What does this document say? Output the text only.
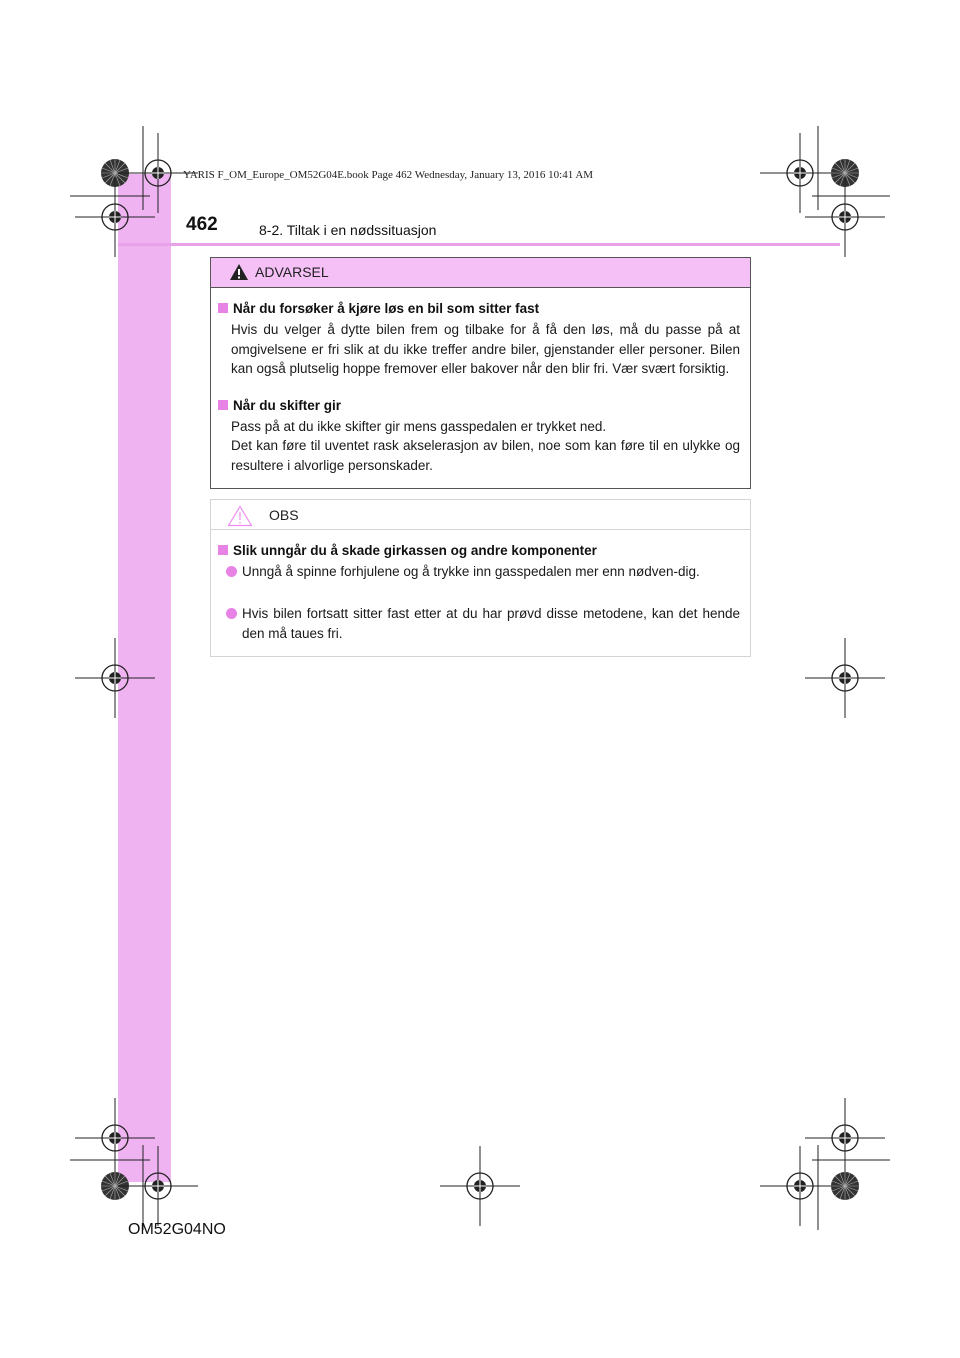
YARIS F_OM_Europe_OM52G04E.book Page 462 Wednesday, January 13, 2016 10:41 AM
462	8-2. Tiltak i en nødssituasjon
ADVARSEL
Når du forsøker å kjøre løs en bil som sitter fast
Hvis du velger å dytte bilen frem og tilbake for å få den løs, må du passe på at omgivelsene er fri slik at du ikke treffer andre biler, gjenstander eller personer. Bilen kan også plutselig hoppe fremover eller bakover når den blir fri. Vær svært forsiktig.
Når du skifter gir
Pass på at du ikke skifter gir mens gasspedalen er trykket ned.
Det kan føre til uventet rask akselerasjon av bilen, noe som kan føre til en ulykke og resultere i alvorlige personskader.
OBS
Slik unngår du å skade girkassen og andre komponenter
Unngå å spinne forhjulene og å trykke inn gasspedalen mer enn nødven-dig.
Hvis bilen fortsatt sitter fast etter at du har prøvd disse metodene, kan det hende den må taues fri.
OM52G04NO
